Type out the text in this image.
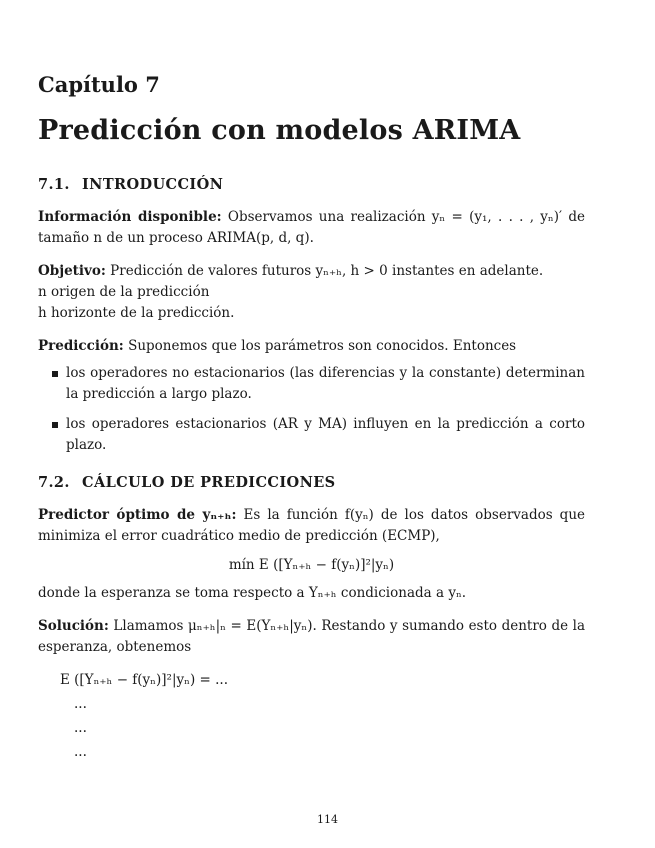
Capítulo 7

Predicción con modelos ARIMA
7.1. INTRODUCCIÓN

Información disponible: Observamos una realización yₙ = (y₁, . . . , yₙ)′ de tamaño n de un proceso ARIMA(p, d, q).

Objetivo: Predicción de valores futuros yₙ₊ₕ, h > 0 instantes en adelante.

n origen de la predicción

h horizonte de la predicción.

Predicción: Suponemos que los parámetros son conocidos. Entonces

los operadores no estacionarios (las diferencias y la constante) determinan la predicción a largo plazo.
los operadores estacionarios (AR y MA) influyen en la predicción a corto plazo.
7.2. CÁLCULO DE PREDICCIONES

Predictor óptimo de yₙ₊ₕ: Es la función f(yₙ) de los datos observados que minimiza el error cuadrático medio de predicción (ECMP),

mín E ([Yₙ₊ₕ − f(yₙ)]²|yₙ)

donde la esperanza se toma respecto a Yₙ₊ₕ condicionada a yₙ.

Solución: Llamamos μₙ₊ₕ|ₙ = E(Yₙ₊ₕ|yₙ). Restando y sumando esto dentro de la esperanza, obtenemos

E ([Yₙ₊ₕ − f(yₙ)]²|yₙ) = ...
...
...
...
114
